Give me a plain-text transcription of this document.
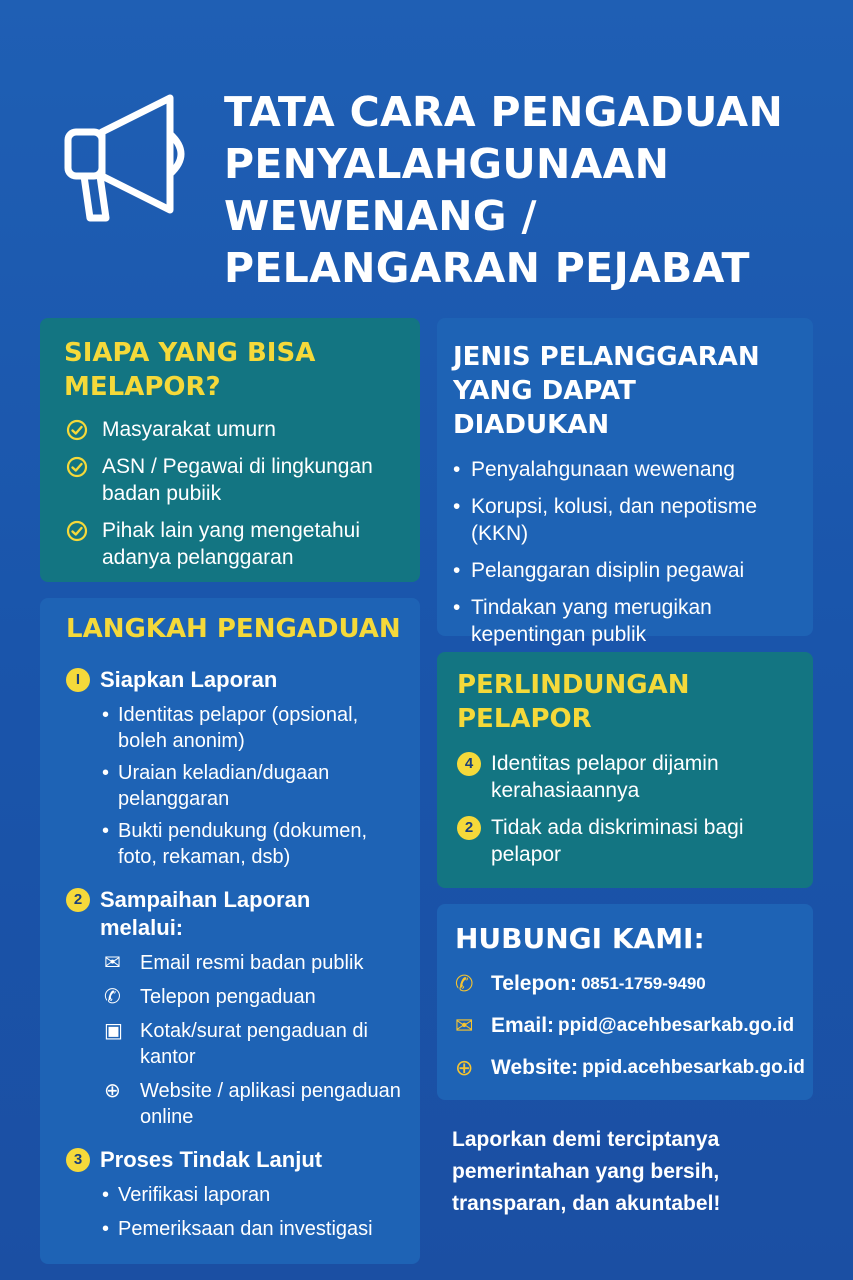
TATA CARA PENGADUAN PENYALAHGUNAAN WEWENANG / PELANGARAN PEJABAT
SIAPA YANG BISA MELAPOR?
Masyarakat umurn
ASN / Pegawai di lingkungan badan pubiik
Pihak lain yang mengetahui adanya pelanggaran
JENIS PELANGGARAN YANG DAPAT DIADUKAN
• Penyalahgunaan wewenang
• Korupsi, kolusi, dan nepotisme (KKN)
• Pelanggaran disiplin pegawai
• Tindakan yang merugikan kepentingan publik
LANGKAH PENGADUAN
I Siapkan Laporan
• Identitas pelapor (opsional, boleh anonim)
• Uraian keladian/dugaan pelanggaran
• Bukti pendukung (dokumen, foto, rekaman, dsb)
2 Sampaihan Laporan melalui:
✉ Email resmi badan publik
✆ Telepon pengaduan
▣ Kotak/surat pengaduan di kantor
⊕ Website / aplikasi pengaduan online
3 Proses Tindak Lanjut
• Verifikasi laporan
• Pemeriksaan dan investigasi
PERLINDUNGAN PELAPOR
4 Identitas pelapor dijamin kerahasiaannya
2 Tidak ada diskriminasi bagi pelapor
HUBUNGI KAMI:
✆ Telepon: 0851-1759-9490
✉ Email: ppid@acehbesarkab.go.id
⊕ Website: ppid.acehbesarkab.go.id
Laporkan demi terciptanya pemerintahan yang bersih, transparan, dan akuntabel!
